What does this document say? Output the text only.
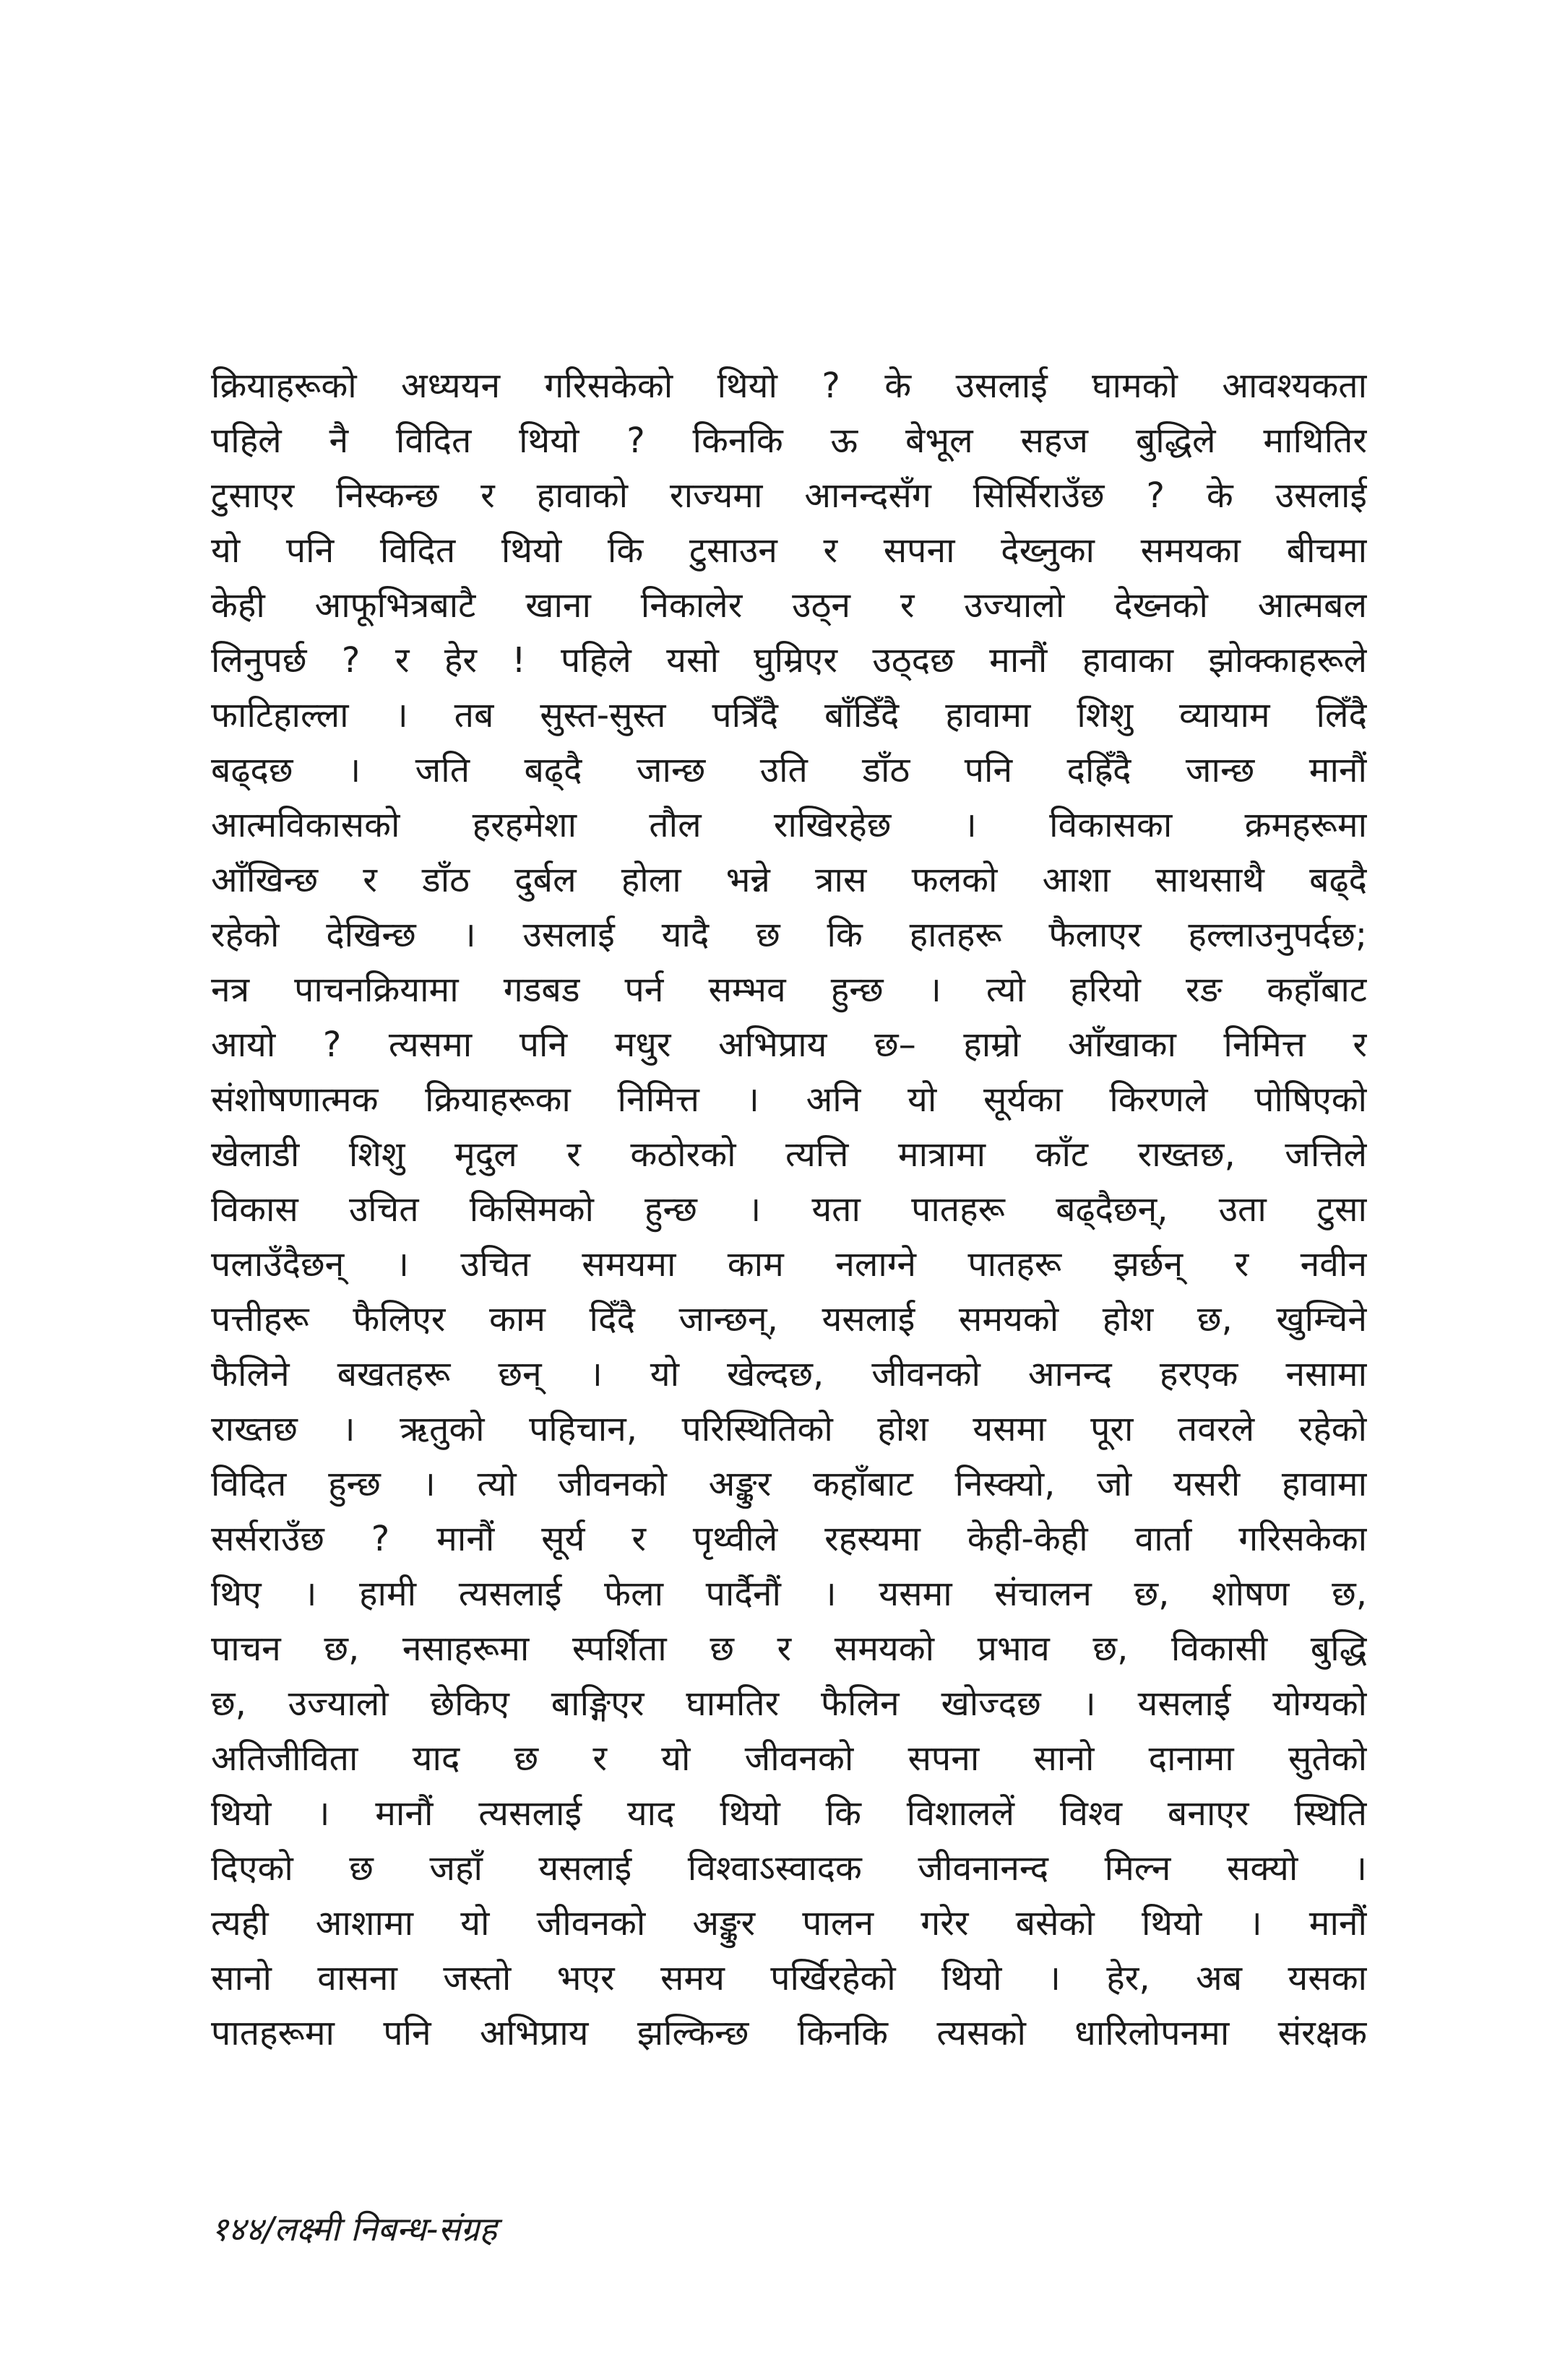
क्रियाहरूको अध्ययन गरिसकेको थियो ? के उसलाई घामको आवश्यकता
पहिले नै विदित थियो ? किनकि ऊ बेभूल सहज बुद्धिले माथितिर
टुसाएर निस्कन्छ र हावाको राज्यमा आनन्दसँग सिर्सिराउँछ ? के उसलाई
यो पनि विदित थियो कि टुसाउन र सपना देख्नुका समयका बीचमा
केही आफूभित्रबाटै खाना निकालेर उठ्न र उज्यालो देख्नको आत्मबल
लिनुपर्छ ? र हेर ! पहिले यसो घुम्रिएर उठ्दछ मानौं हावाका झोक्काहरूले
फाटिहाल्ला । तब सुस्त-सुस्त पत्रिँदै बाँडिँदै हावामा शिशु व्यायाम लिँदै
बढ्दछ । जति बढ्दै जान्छ उति डाँठ पनि दह्रिँदै जान्छ मानौं
आत्मविकासको हरहमेशा तौल राखिरहेछ । विकासका क्रमहरूमा
आँखिन्छ र डाँठ दुर्बल होला भन्ने त्रास फलको आशा साथसाथै बढ्दै
रहेको देखिन्छ । उसलाई यादै छ कि हातहरू फैलाएर हल्लाउनुपर्दछ;
नत्र पाचनक्रियामा गडबड पर्न सम्भव हुन्छ । त्यो हरियो रङ कहाँबाट
आयो ? त्यसमा पनि मधुर अभिप्राय छ– हाम्रो आँखाका निमित्त र
संशोषणात्मक क्रियाहरूका निमित्त । अनि यो सूर्यका किरणले पोषिएको
खेलाडी शिशु मृदुल र कठोरको त्यत्ति मात्रामा काँट राख्तछ, जत्तिले
विकास उचित किसिमको हुन्छ । यता पातहरू बढ्दैछन्, उता टुसा
पलाउँदैछन् । उचित समयमा काम नलाग्ने पातहरू झर्छन् र नवीन
पत्तीहरू फैलिएर काम दिँदै जान्छन्, यसलाई समयको होश छ, खुम्चिने
फैलिने बखतहरू छन् । यो खेल्दछ, जीवनको आनन्द हरएक नसामा
राख्तछ । ऋतुको पहिचान, परिस्थितिको होश यसमा पूरा तवरले रहेको
विदित हुन्छ । त्यो जीवनको अङ्कुर कहाँबाट निस्क्यो, जो यसरी हावामा
सर्सराउँछ ? मानौं सूर्य र पृथ्वीले रहस्यमा केही-केही वार्ता गरिसकेका
थिए । हामी त्यसलाई फेला पार्दैनौं । यसमा संचालन छ, शोषण छ,
पाचन छ, नसाहरूमा स्पर्शिता छ र समयको प्रभाव छ, विकासी बुद्धि
छ, उज्यालो छेकिए बाङ्गिएर घामतिर फैलिन खोज्दछ । यसलाई योग्यको
अतिजीविता याद छ र यो जीवनको सपना सानो दानामा सुतेको
थियो । मानौं त्यसलाई याद थियो कि विशाललें विश्व बनाएर स्थिति
दिएको छ जहाँ यसलाई विश्वाऽस्वादक जीवनानन्द मिल्न सक्यो ।
त्यही आशामा यो जीवनको अङ्कुर पालन गरेर बसेको थियो । मानौं
सानो वासना जस्तो भएर समय पर्खिरहेको थियो । हेर, अब यसका
पातहरूमा पनि अभिप्राय झल्किन्छ किनकि त्यसको धारिलोपनमा संरक्षक
१४४/लक्ष्मी निबन्ध-संग्रह
